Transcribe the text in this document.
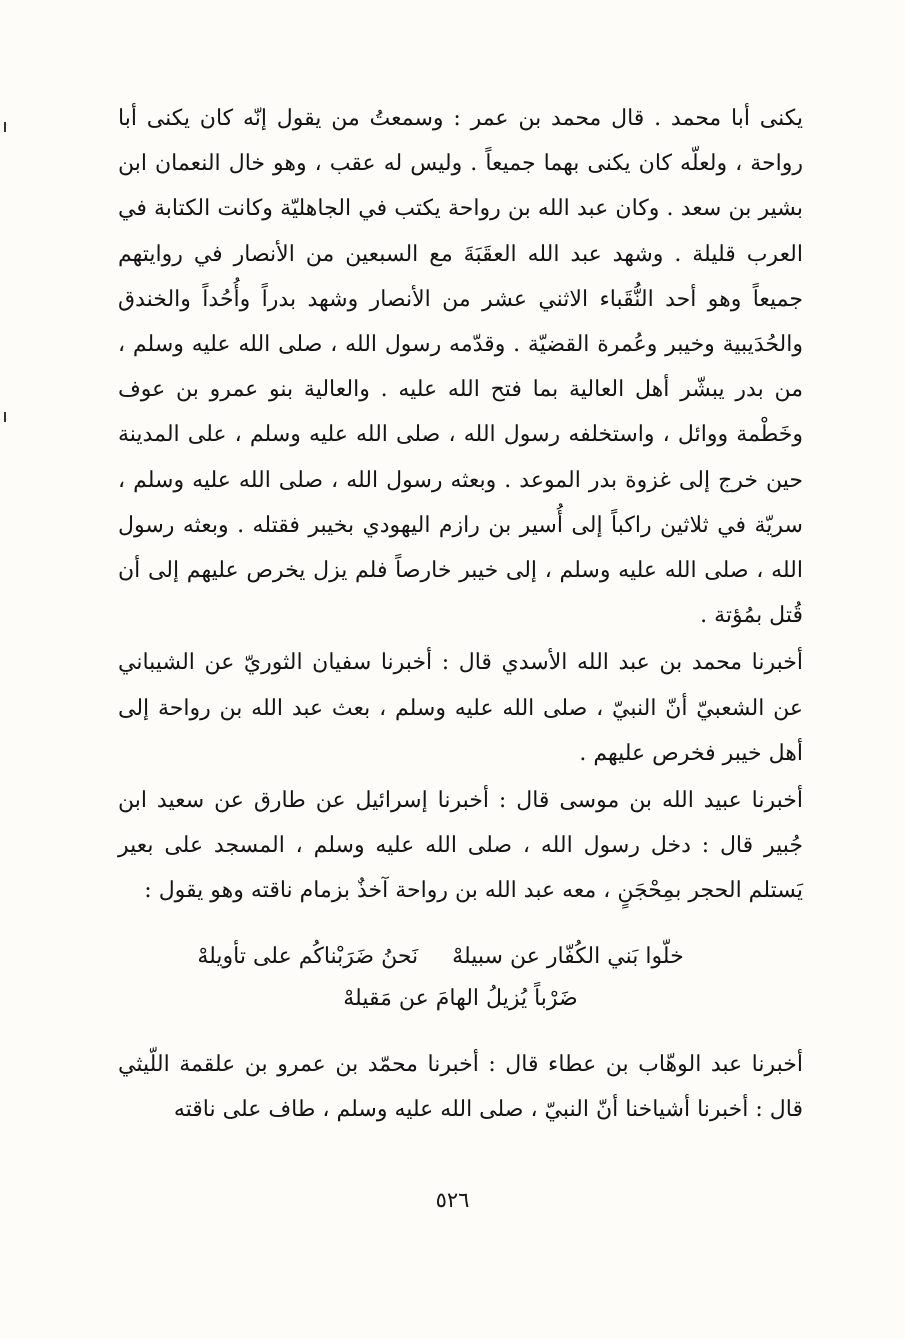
يكنى أبا محمد . قال محمد بن عمر : وسمعتُ من يقول إنّه كان يكنى أبا رواحة ، ولعلّه كان يكنى بهما جميعاً . وليس له عقب ، وهو خال النعمان ابن بشير بن سعد . وكان عبد الله بن رواحة يكتب في الجاهليّة وكانت الكتابة في العرب قليلة . وشهد عبد الله العقَبَةَ مع السبعين من الأنصار في روايتهم جميعاً وهو أحد النُّقَباء الاثني عشر من الأنصار وشهد بدراً وأُحُداً والخندق والحُدَيبية وخيبر وعُمرة القضيّة . وقدّمه رسول الله ، صلى الله عليه وسلم ، من بدر يبشّر أهل العالية بما فتح الله عليه . والعالية بنو عمرو بن عوف وخَطْمة ووائل ، واستخلفه رسول الله ، صلى الله عليه وسلم ، على المدينة حين خرج إلى غزوة بدر الموعد . وبعثه رسول الله ، صلى الله عليه وسلم ، سريّة في ثلاثين راكباً إلى أُسير بن رازم اليهودي بخيبر فقتله . وبعثه رسول الله ، صلى الله عليه وسلم ، إلى خيبر خارصاً فلم يزل يخرص عليهم إلى أن قُتل بمُؤتة .

أخبرنا محمد بن عبد الله الأسدي قال : أخبرنا سفيان الثوريّ عن الشيباني عن الشعبيّ أنّ النبيّ ، صلى الله عليه وسلم ، بعث عبد الله بن رواحة إلى أهل خيبر فخرص عليهم .

أخبرنا عبيد الله بن موسى قال : أخبرنا إسرائيل عن طارق عن سعيد ابن جُبير قال : دخل رسول الله ، صلى الله عليه وسلم ، المسجد على بعير يَستلم الحجر بمِحْجَنٍ ، معه عبد الله بن رواحة آخذٌ بزمام ناقته وهو يقول :

خلّوا بَني الكُفّار عن سبيلهْنَحنُ ضَرَبْناكُم على تأويلهْ
ضَرْباً يُزيلُ الهامَ عن مَقيلهْ

أخبرنا عبد الوهّاب بن عطاء قال : أخبرنا محمّد بن عمرو بن علقمة اللّيثي قال : أخبرنا أشياخنا أنّ النبيّ ، صلى الله عليه وسلم ، طاف على ناقته

٥٢٦
